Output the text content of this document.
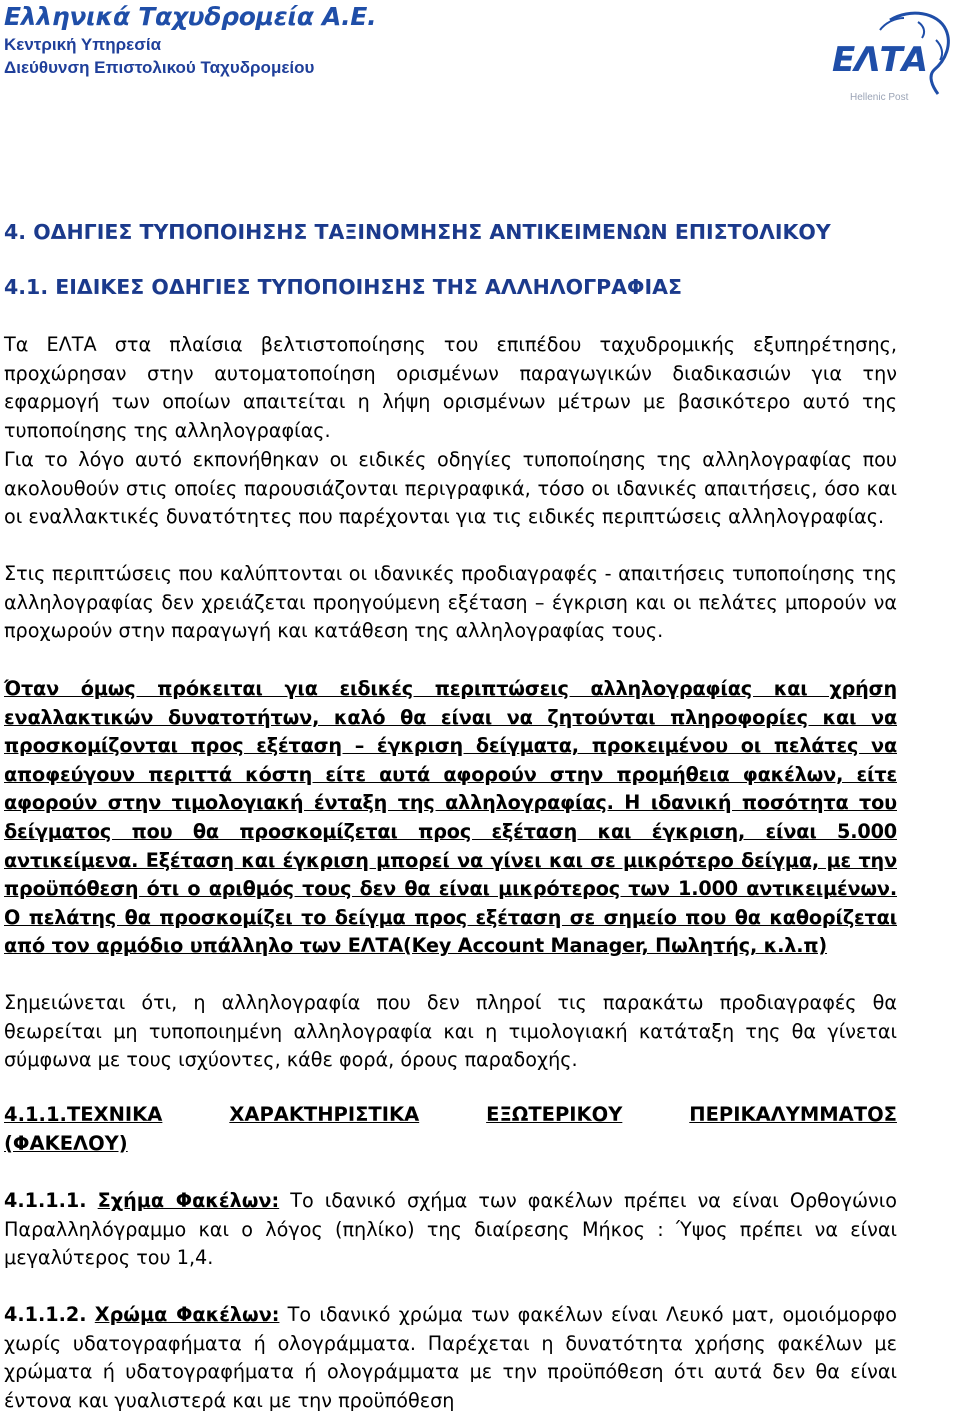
Ελληνικά Ταχυδρομεία Α.Ε.
Κεντρική Υπηρεσία
Διεύθυνση Επιστολικού Ταχυδρομείου	ΕΛΤΑ
Hellenic Post
4. ΟΔΗΓΙΕΣ ΤΥΠΟΠΟΙΗΣΗΣ ΤΑΞΙΝΟΜΗΣΗΣ ΑΝΤΙΚΕΙΜΕΝΩΝ ΕΠΙΣΤΟΛΙΚΟΥ
4.1. ΕΙΔΙΚΕΣ ΟΔΗΓΙΕΣ ΤΥΠΟΠΟΙΗΣΗΣ ΤΗΣ ΑΛΛΗΛΟΓΡΑΦΙΑΣ

Τα ΕΛΤΑ στα πλαίσια βελτιστοποίησης του επιπέδου ταχυδρομικής εξυπηρέτησης, προχώρησαν στην αυτοματοποίηση ορισμένων παραγωγικών διαδικασιών για την εφαρμογή των οποίων απαιτείται η λήψη ορισμένων μέτρων με βασικότερο αυτό της τυποποίησης της αλληλογραφίας.

Για το λόγο αυτό εκπονήθηκαν οι ειδικές οδηγίες τυποποίησης της αλληλογραφίας που ακολουθούν στις οποίες παρουσιάζονται περιγραφικά, τόσο οι ιδανικές απαιτήσεις, όσο και οι εναλλακτικές δυνατότητες που παρέχονται για τις ειδικές περιπτώσεις αλληλογραφίας.

Στις περιπτώσεις που καλύπτονται οι ιδανικές προδιαγραφές - απαιτήσεις τυποποίησης της αλληλογραφίας δεν χρειάζεται προηγούμενη εξέταση – έγκριση και οι πελάτες μπορούν να προχωρούν στην παραγωγή και κατάθεση της αλληλογραφίας τους.

Όταν όμως πρόκειται για ειδικές περιπτώσεις αλληλογραφίας και χρήση εναλλακτικών δυνατοτήτων, καλό θα είναι να ζητούνται πληροφορίες και να προσκομίζονται προς εξέταση – έγκριση δείγματα, προκειμένου οι πελάτες να αποφεύγουν περιττά κόστη είτε αυτά αφορούν στην προμήθεια φακέλων, είτε αφορούν στην τιμολογιακή ένταξη της αλληλογραφίας. Η ιδανική ποσότητα του δείγματος που θα προσκομίζεται προς εξέταση και έγκριση, είναι 5.000 αντικείμενα. Εξέταση και έγκριση μπορεί να γίνει και σε μικρότερο δείγμα, με την προϋπόθεση ότι ο αριθμός τους δεν θα είναι μικρότερος των 1.000 αντικειμένων. Ο πελάτης θα προσκομίζει το δείγμα προς εξέταση σε σημείο που θα καθορίζεται από τον αρμόδιο υπάλληλο των ΕΛΤΑ(Key Account Manager, Πωλητής, κ.λ.π)

Σημειώνεται ότι, η αλληλογραφία που δεν πληροί τις παρακάτω προδιαγραφές θα θεωρείται μη τυποποιημένη αλληλογραφία και η τιμολογιακή κατάταξη της θα γίνεται σύμφωνα με τους ισχύοντες, κάθε φορά, όρους παραδοχής.

4.1.1.ΤΕΧΝΙΚΑ	ΧΑΡΑΚΤΗΡΙΣΤΙΚΑ	ΕΞΩΤΕΡΙΚΟΥ	ΠΕΡΙΚΑΛΥΜΜΑΤΟΣ
(ΦΑΚΕΛΟΥ)

4.1.1.1. Σχήμα Φακέλων: Το ιδανικό σχήμα των φακέλων πρέπει να είναι Ορθογώνιο Παραλληλόγραμμο και ο λόγος (πηλίκο) της διαίρεσης Μήκος : Ύψος πρέπει να είναι μεγαλύτερος του 1,4.

4.1.1.2. Χρώμα Φακέλων: Το ιδανικό χρώμα των φακέλων είναι Λευκό ματ, ομοιόμορφο χωρίς υδατογραφήματα ή ολογράμματα. Παρέχεται η δυνατότητα χρήσης φακέλων με χρώματα ή υδατογραφήματα ή ολογράμματα με την προϋπόθεση ότι αυτά δεν θα είναι έντονα και γυαλιστερά και με την προϋπόθεση
